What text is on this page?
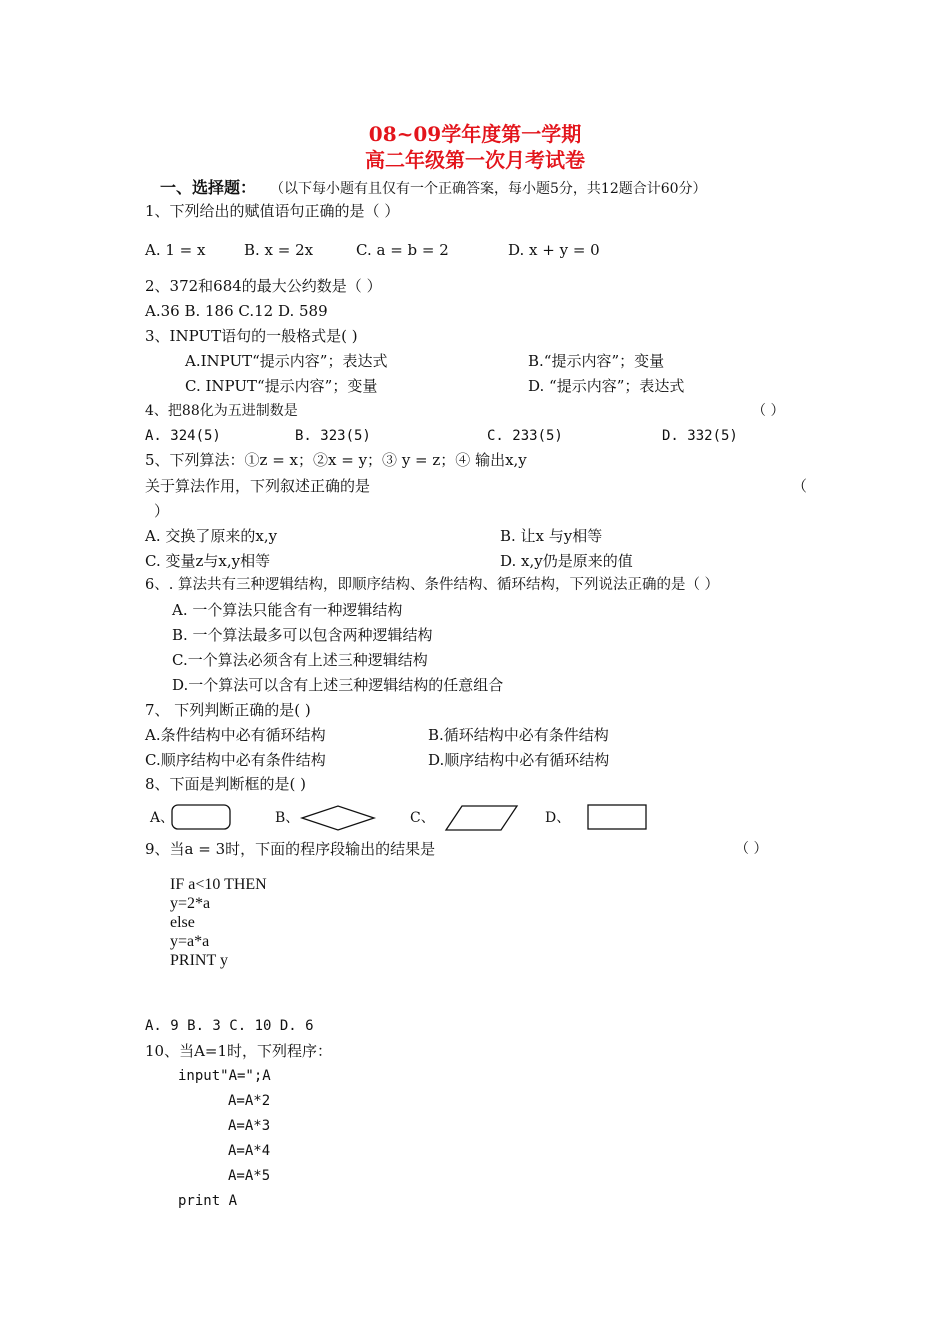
08~09学年度第一学期
高二年级第一次月考试卷
一、选择题： （以下每小题有且仅有一个正确答案，每小题5分，共12题合计60分）
1、下列给出的赋值语句正确的是（ ）
A. 1 = x	B. x = 2x	C. a = b = 2	D. x + y = 0
2、372和684的最大公约数是（ ）
A.36 B. 186 C.12 D. 589
3、INPUT语句的一般格式是( )
A.INPUT“提示内容”；表达式	B.“提示内容”；变量
C. INPUT“提示内容”；变量	D. “提示内容”；表达式
4、把88化为五进制数是	（ ）
A. 324(5)	B. 323(5)	C. 233(5)	D. 332(5)
5、下列算法：①z = x；②x = y；③ y = z；④ 输出x,y
关于算法作用，下列叙述正确的是	（
）
A. 交换了原来的x,y	B. 让x 与y相等
C. 变量z与x,y相等	D. x,y仍是原来的值
6、. 算法共有三种逻辑结构，即顺序结构、条件结构、循环结构，下列说法正确的是（ ）
A. 一个算法只能含有一种逻辑结构
B. 一个算法最多可以包含两种逻辑结构
C.一个算法必须含有上述三种逻辑结构
D.一个算法可以含有上述三种逻辑结构的任意组合
7、 下列判断正确的是( )
A.条件结构中必有循环结构	B.循环结构中必有条件结构
C.顺序结构中必有条件结构	D.顺序结构中必有循环结构
8、下面是判断框的是( )
A、	B、	C、	D、
9、当a = 3时，下面的程序段输出的结果是	（ ）
IF a<10 THEN
y=2*a
else
y=a*a
PRINT y
A. 9 B. 3 C. 10 D. 6
10、当A=1时，下列程序：
input"A=";A
A=A*2
A=A*3
A=A*4
A=A*5
print A
